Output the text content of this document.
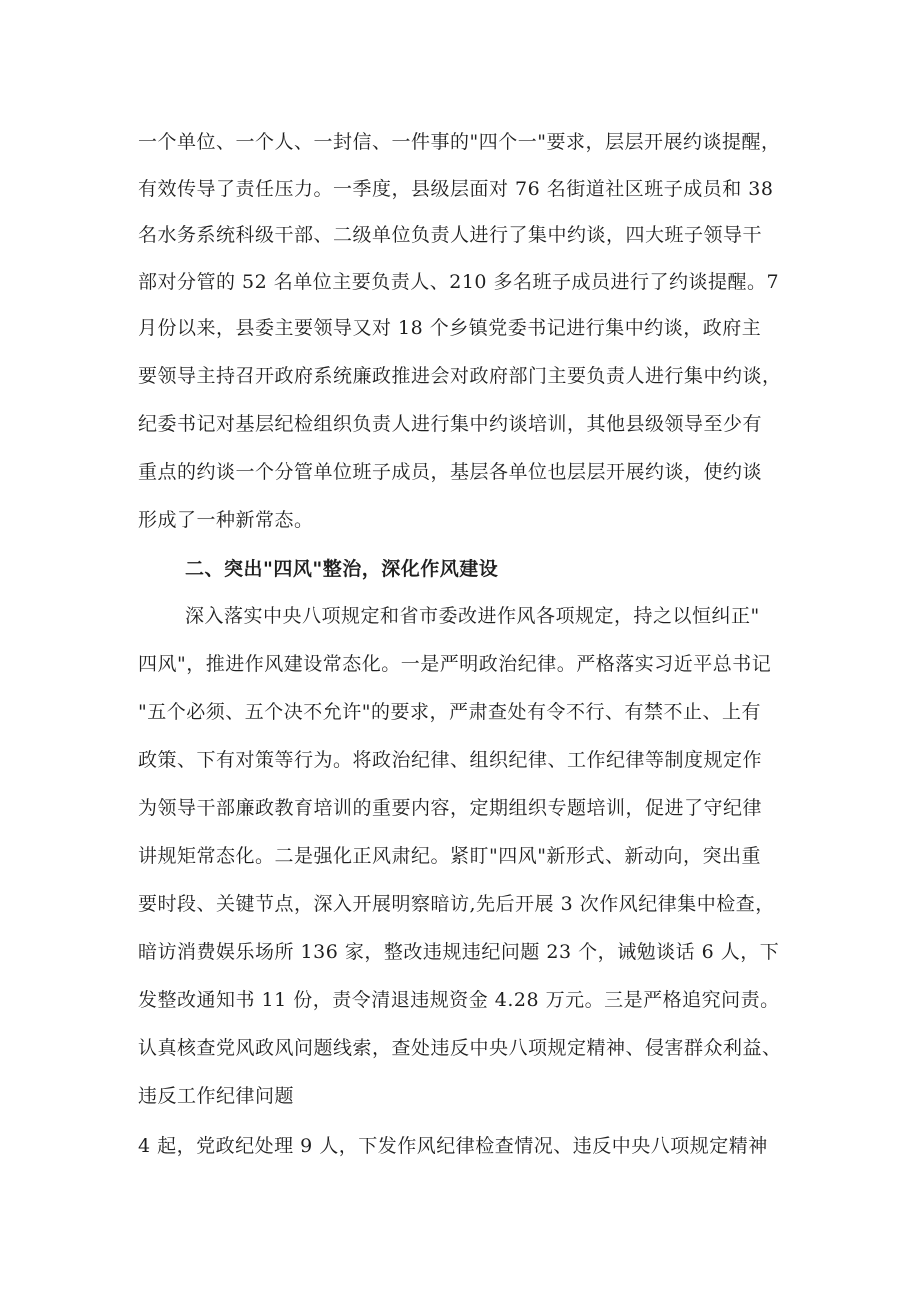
一个单位、一个人、一封信、一件事的"四个一"要求，层层开展约谈提醒，
有效传导了责任压力。一季度，县级层面对 76 名街道社区班子成员和 38
名水务系统科级干部、二级单位负责人进行了集中约谈，四大班子领导干
部对分管的 52 名单位主要负责人、210 多名班子成员进行了约谈提醒。7
月份以来，县委主要领导又对 18 个乡镇党委书记进行集中约谈，政府主
要领导主持召开政府系统廉政推进会对政府部门主要负责人进行集中约谈，
纪委书记对基层纪检组织负责人进行集中约谈培训，其他县级领导至少有
重点的约谈一个分管单位班子成员，基层各单位也层层开展约谈，使约谈
形成了一种新常态。
二、突出"四风"整治，深化作风建设
深入落实中央八项规定和省市委改进作风各项规定，持之以恒纠正"
四风"，推进作风建设常态化。一是严明政治纪律。严格落实习近平总书记
"五个必须、五个决不允许"的要求，严肃查处有令不行、有禁不止、上有
政策、下有对策等行为。将政治纪律、组织纪律、工作纪律等制度规定作
为领导干部廉政教育培训的重要内容，定期组织专题培训，促进了守纪律
讲规矩常态化。二是强化正风肃纪。紧盯"四风"新形式、新动向，突出重
要时段、关键节点，深入开展明察暗访,先后开展 3 次作风纪律集中检查，
暗访消费娱乐场所 136 家，整改违规违纪问题 23 个，诫勉谈话 6 人，下
发整改通知书 11 份，责令清退违规资金 4.28 万元。三是严格追究问责。
认真核查党风政风问题线索，查处违反中央八项规定精神、侵害群众利益、
违反工作纪律问题
4 起，党政纪处理 9 人，下发作风纪律检查情况、违反中央八项规定精神
